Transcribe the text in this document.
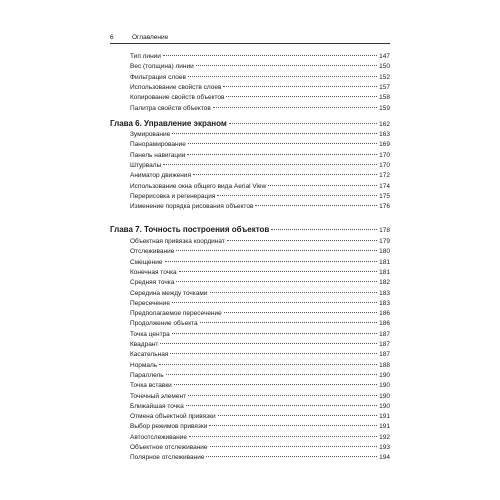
6	Оглавление
Тип линии	147
Вес (толщина) линии	150
Фильтрация слоев	152
Использование свойств слоев	157
Копирование свойств объектов	158
Палитра свойств объектов	159
Глава 6. Управление экраном	162
Зумирование	163
Панорамирование	169
Панель навигации	170
Штурвалы	170
Аниматор движения	172
Использование окна общего вида Aerial View	174
Перерисовка и регенерация	175
Изменение порядка рисования объектов	176
Глава 7. Точность построения объектов	178
Объектная привязка координат	179
Отслеживание	180
Смещение	181
Конечная точка	181
Средняя точка	182
Середина между точками	183
Пересечение	183
Предполагаемое пересечение	186
Продолжение объекта	186
Точка центра	187
Квадрант	187
Касательная	187
Нормаль	188
Параллель	190
Точка вставки	190
Точечный элемент	190
Ближайшая точка	190
Отмена объектной привязки	191
Выбор режимов привязки	191
Автоотслеживание	192
Объектное отслеживание	193
Полярное отслеживание	194
